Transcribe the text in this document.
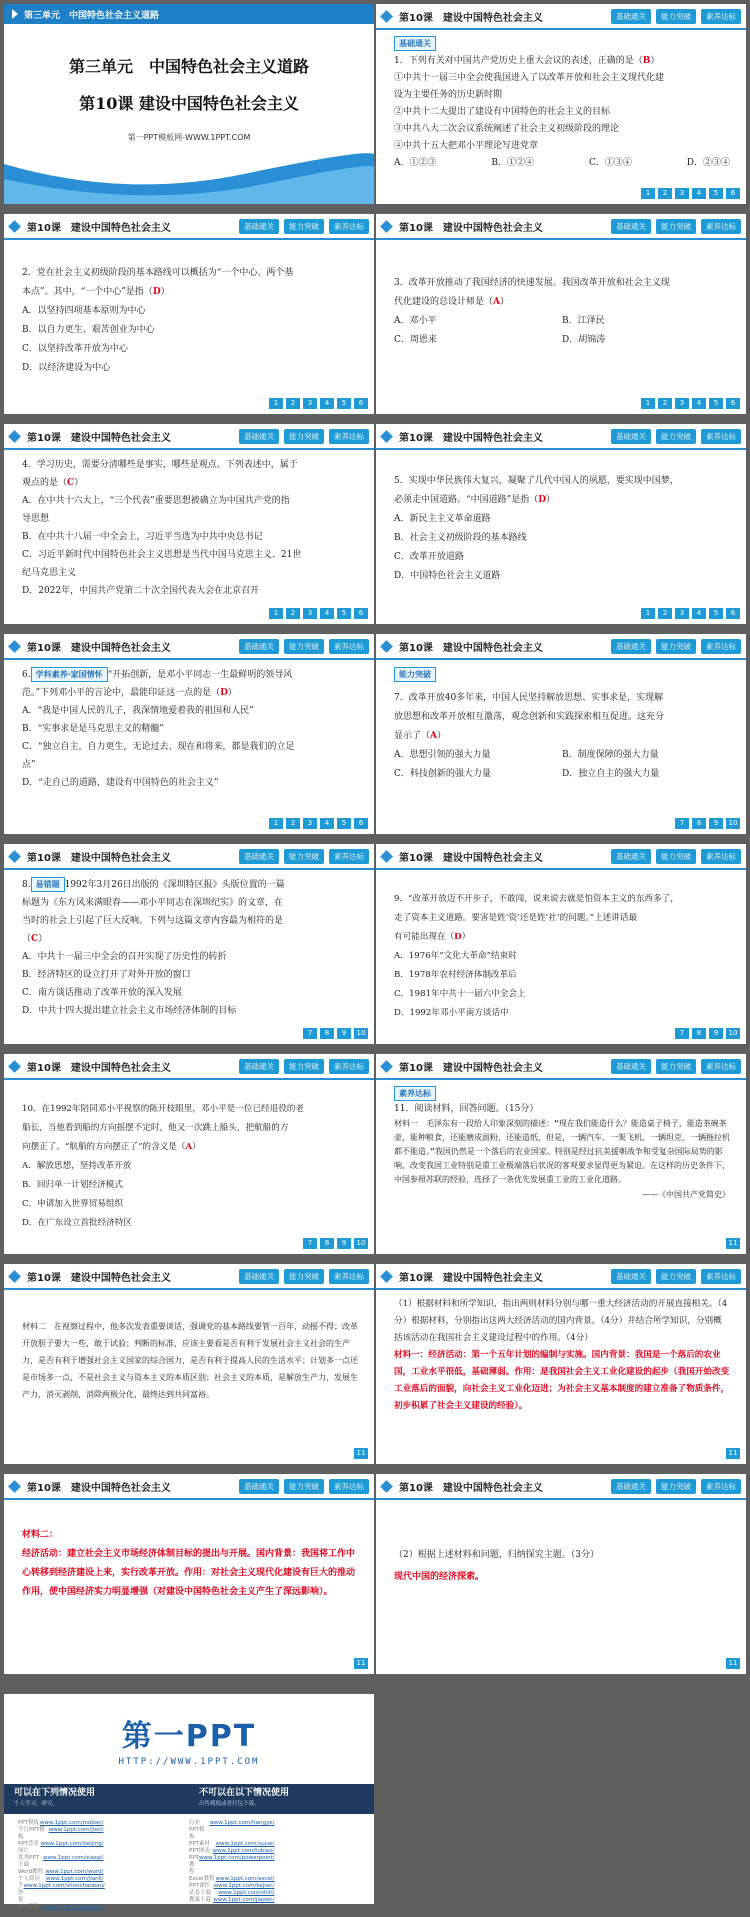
第三单元　中国特色社会主义道路
第三单元　中国特色社会主义道路
第10课 建设中国特色社会主义
第一PPT模板网-WWW.1PPT.COM
第10课　建设中国特色社会主义	基础通关	能力突破	素养达标
基础通关

1．下列有关对中国共产党历史上重大会议的表述，正确的是（B）

①中共十一届三中全会使我国进入了以改革开放和社会主义现代化建

设为主要任务的历史新时期

②中共十二大提出了建设有中国特色的社会主义的目标

③中共八大二次会议系统阐述了社会主义初级阶段的理论

④中共十五大把邓小平理论写进党章

A．①②③	B．①②④	C．①③④	D．②③④

1	2	3	4	5	6
第10课　建设中国特色社会主义	基础通关	能力突破	素养达标

2．党在社会主义初级阶段的基本路线可以概括为“一个中心、两个基

本点”。其中，“一个中心”是指（D）

A．以坚持四项基本原则为中心

B．以自力更生、艰苦创业为中心

C．以坚持改革开放为中心

D．以经济建设为中心

1	2	3	4	5	6
第10课　建设中国特色社会主义	基础通关	能力突破	素养达标

3．改革开放推动了我国经济的快速发展。我国改革开放和社会主义现

代化建设的总设计师是（A）

A．邓小平	B．江泽民

C．周恩来	D．胡锦涛

1	2	3	4	5	6
第10课　建设中国特色社会主义	基础通关	能力突破	素养达标

4．学习历史，需要分清哪些是事实，哪些是观点。下列表述中，属于

观点的是（C）

A．在中共十六大上，“三个代表”重要思想被确立为中国共产党的指

导思想

B．在中共十八届一中全会上，习近平当选为中共中央总书记

C．习近平新时代中国特色社会主义思想是当代中国马克思主义、21世

纪马克思主义

D．2022年，中国共产党第二十次全国代表大会在北京召开

1	2	3	4	5	6
第10课　建设中国特色社会主义	基础通关	能力突破	素养达标

5．实现中华民族伟大复兴，凝聚了几代中国人的夙愿，要实现中国梦，

必须走中国道路。“中国道路”是指（D）

A．新民主主义革命道路

B．社会主义初级阶段的基本路线

C．改革开放道路

D．中国特色社会主义道路

1	2	3	4	5	6
第10课　建设中国特色社会主义	基础通关	能力突破	素养达标

6. 学科素养·家国情怀 “开拓创新，是邓小平同志一生最鲜明的领导风

范。”下列邓小平的言论中，最能印证这一点的是（D）

A．“我是中国人民的儿子，我深情地爱着我的祖国和人民”

B．“实事求是是马克思主义的精髓”

C．“独立自主，自力更生，无论过去、现在和将来，都是我们的立足

点”

D．“走自己的道路，建设有中国特色的社会主义”

1	2	3	4	5	6
第10课　建设中国特色社会主义	基础通关	能力突破	素养达标
能力突破

7．改革开放40多年来，中国人民坚持解放思想、实事求是，实现解

放思想和改革开放相互激荡，观念创新和实践探索相互促进。这充分

显示了（A）

A．思想引领的强大力量	B．制度保障的强大力量

C．科技创新的强大力量	D．独立自主的强大力量

7	8	9	10
第10课　建设中国特色社会主义	基础通关	能力突破	素养达标

8. 易错题 1992年3月26日出版的《深圳特区报》头版位置的一篇

标题为《东方风来满眼春——邓小平同志在深圳纪实》的文章，在

当时的社会上引起了巨大反响。下列与这篇文章内容最为相符的是

（C）

A．中共十一届三中全会的召开实现了历史性的转折

B．经济特区的设立打开了对外开放的窗口

C．南方谈话推动了改革开放的深入发展

D．中共十四大提出建立社会主义市场经济体制的目标

7	8	9	10
第10课　建设中国特色社会主义	基础通关	能力突破	素养达标

9．“改革开放迈不开步子，不敢闯，说来说去就是怕资本主义的东西多了，

走了资本主义道路。要害是姓‘资’还是姓‘社’的问题。”上述讲话最

有可能出现在（D）

A．1976年“文化大革命”结束时

B．1978年农村经济体制改革后

C．1981年中共十一届六中全会上

D．1992年邓小平南方谈话中

7	8	9	10
第10课　建设中国特色社会主义	基础通关	能力突破	素养达标

10．在1992年陪同邓小平视察的陈开枝眼里，邓小平是一位已经退役的老

船长，当他看到船的方向摇摆不定时，他又一次跳上船头，把航船的方

向摆正了。“航船的方向摆正了”的含义是（A）

A．解放思想，坚持改革开放

B．回归单一计划经济模式

C．申请加入世界贸易组织

D．在广东设立首批经济特区

7	8	9	10
第10课　建设中国特色社会主义	基础通关	能力突破	素养达标
素养达标

11．阅读材料，回答问题。（15分）

材料一　毛泽东有一段给人印象深刻的描述：“现在我们能造什么？能造桌子椅子，能造茶碗茶壶，能种粮食，还能磨成面粉，还能造纸，但是，一辆汽车、一架飞机、一辆坦克、一辆拖拉机都不能造。”我国仍然是一个落后的农业国家。特别是经过抗美援朝战争和受复杂国际局势的影响，改变我国工业特别是重工业极端落后状况的客观要求显得更为紧迫。在这样的历史条件下，中国参照苏联的经验，选择了一条优先发展重工业的工业化道路。

——《中国共产党简史》

11
第10课　建设中国特色社会主义	基础通关	能力突破	素养达标

材料二　在视察过程中，他多次发表重要谈话，强调党的基本路线要管一百年，动摇不得；改革开放胆子要大一些，敢于试验；判断的标准，应该主要看是否有利于发展社会主义社会的生产力，是否有利于增强社会主义国家的综合国力，是否有利于提高人民的生活水平；计划多一点还是市场多一点，不是社会主义与资本主义的本质区别；社会主义的本质，是解放生产力，发展生产力，消灭剥削，消除两极分化，最终达到共同富裕。

11
第10课　建设中国特色社会主义	基础通关	能力突破	素养达标

（1）根据材料和所学知识，指出两则材料分别与哪一重大经济活动的开展直接相关。（4分）根据材料，分别指出这两大经济活动的国内背景。（4分）并结合所学知识，分别概括该活动在我国社会主义建设过程中的作用。（4分）

材料一：经济活动：第一个五年计划的编制与实施。国内背景：我国是一个落后的农业国，工业水平很低，基础薄弱。作用：是我国社会主义工业化建设的起步（我国开始改变工业落后的面貌，向社会主义工业化迈进；为社会主义基本制度的建立准备了物质条件，初步积累了社会主义建设的经验）。

11
第10课　建设中国特色社会主义	基础通关	能力突破	素养达标

材料二：

经济活动：建立社会主义市场经济体制目标的提出与开展。国内背景：我国将工作中心转移到经济建设上来，实行改革开放。作用：对社会主义现代化建设有巨大的推动作用，使中国经济实力明显增强（对建设中国特色社会主义产生了深远影响）。

11
第10课　建设中国特色社会主义	基础通关	能力突破	素养达标

（2）根据上述材料和问题，归纳探究主题。（3分）

现代中国的经济探索。

11
第一PPT
HTTP://WWW.1PPT.COM
可以在下列情况使用
个人学习、研究。
不可以在以下情况使用
出售模板或者打包下载。
PPT模板 www.1ppt.com/moban/
节日PPT模板
www.1ppt.com/jieri/
PPT背景图片
www.1ppt.com/beijing/
优秀PPT下载
www.1ppt.com/xiazai/
Word教程 www.1ppt.com/word/
个人简历	www.1ppt.com/jianli/
手抄报
www.1ppt.com/shouchaobao/
PPT课件 www.1ppt.com/kejian/
行业PPT模板
www.1ppt.com/hangye/
PPT素材	www.1ppt.com/sucai/
PPT图表 www.1ppt.com/tubiao/
PPT教程
www.1ppt.com/powerpoint/
Excel教程 www.1ppt.com/excel/
PPT课件 www.1ppt.com/kejian/
试卷下载	www.1ppt.com/shiti/
教案下载 www.1ppt.com/jiaoan/
